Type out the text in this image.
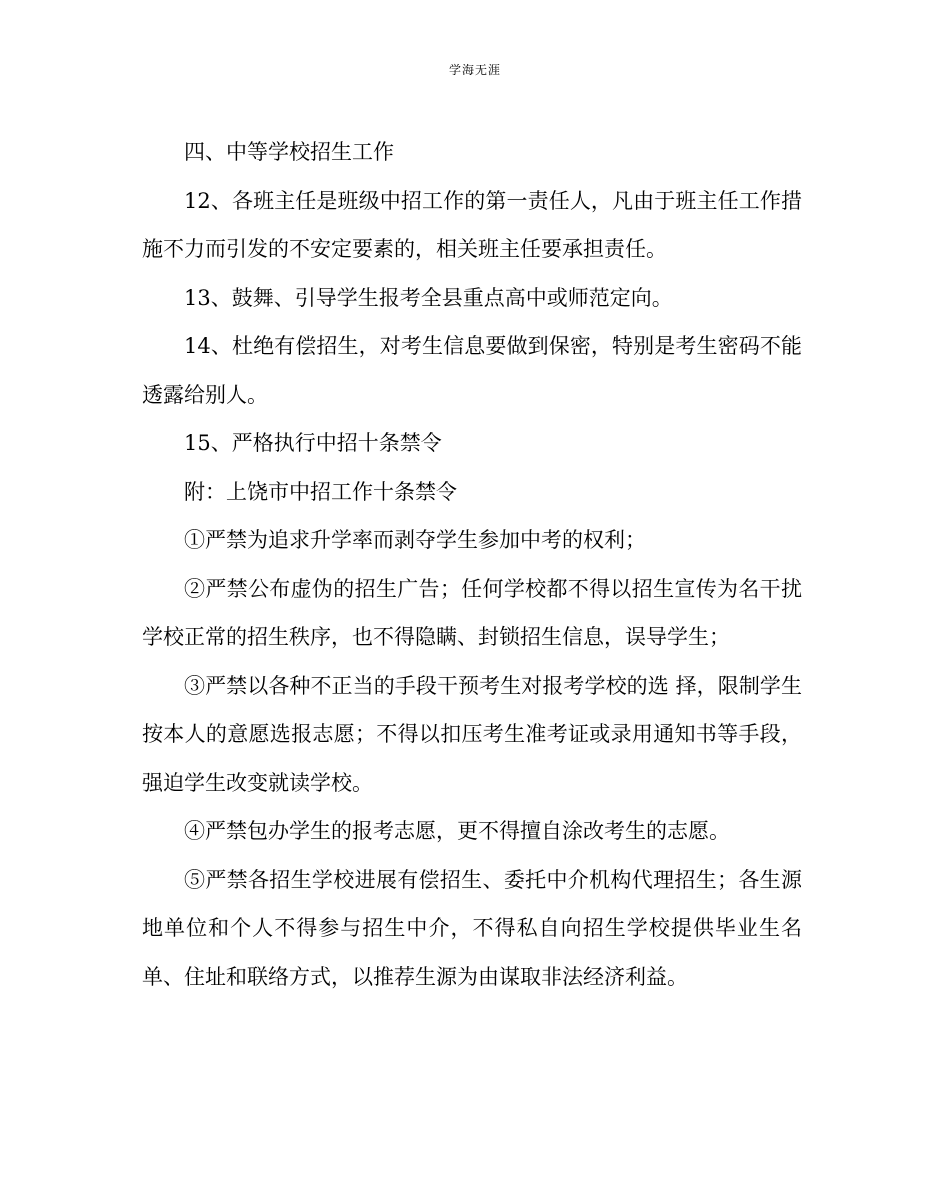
学海无涯

四、中等学校招生工作

12、各班主任是班级中招工作的第一责任人，凡由于班主任工作措施不力而引发的不安定要素的，相关班主任要承担责任。

13、鼓舞、引导学生报考全县重点高中或师范定向。

14、杜绝有偿招生，对考生信息要做到保密，特别是考生密码不能透露给别人。

15、严格执行中招十条禁令

附：上饶市中招工作十条禁令

①严禁为追求升学率而剥夺学生参加中考的权利；

②严禁公布虚伪的招生广告；任何学校都不得以招生宣传为名干扰学校正常的招生秩序，也不得隐瞒、封锁招生信息，误导学生；

③严禁以各种不正当的手段干预考生对报考学校的选 择，限制学生按本人的意愿选报志愿；不得以扣压考生准考证或录用通知书等手段，强迫学生改变就读学校。

④严禁包办学生的报考志愿，更不得擅自涂改考生的志愿。

⑤严禁各招生学校进展有偿招生、委托中介机构代理招生；各生源地单位和个人不得参与招生中介，不得私自向招生学校提供毕业生名单、住址和联络方式，以推荐生源为由谋取非法经济利益。
